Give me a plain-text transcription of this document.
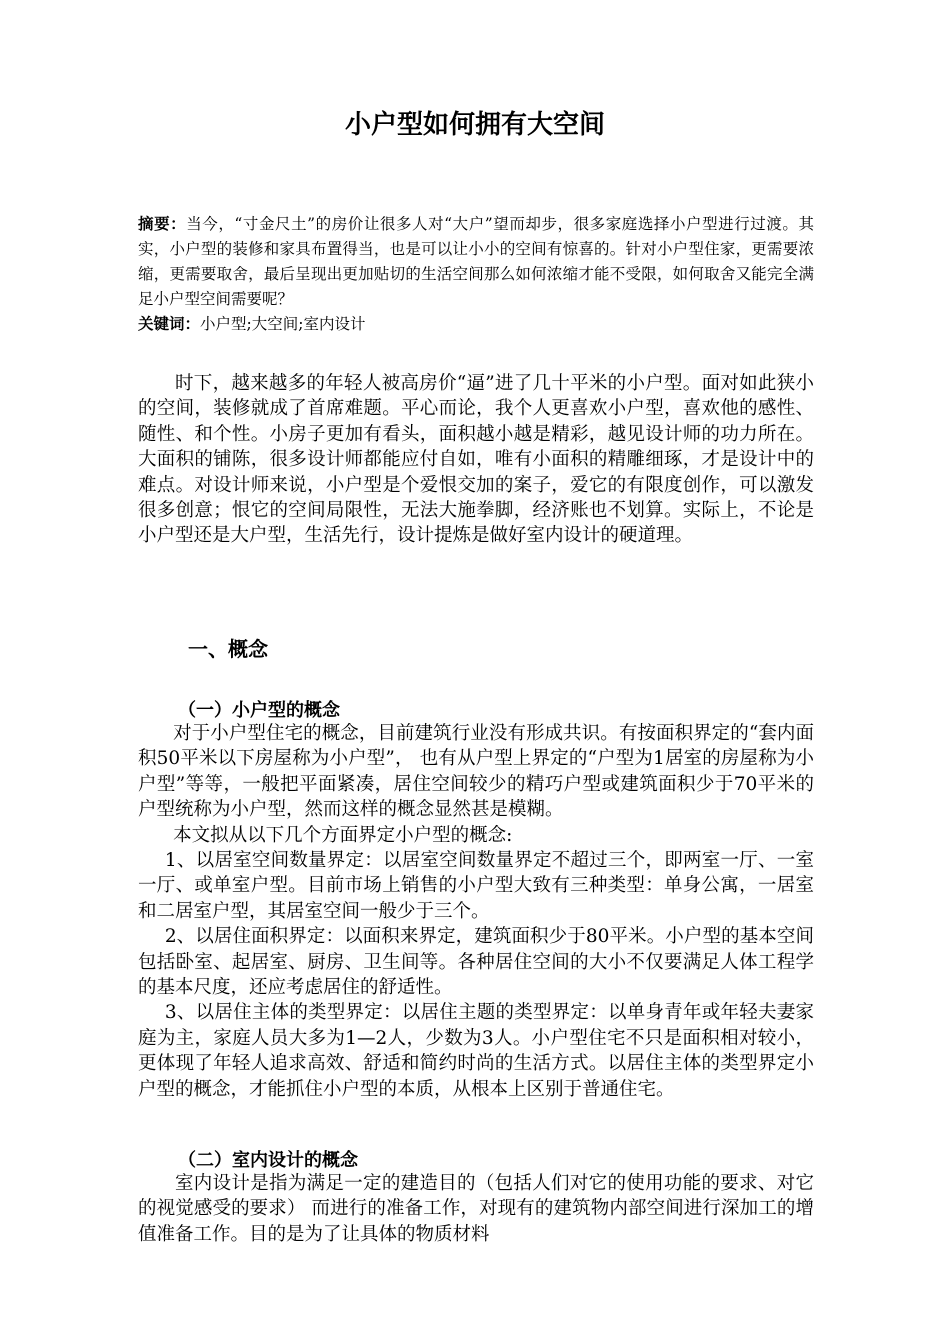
小户型如何拥有大空间
摘要：当今，“寸金尺土”的房价让很多人对“大户”望而却步，很多家庭选择小户型进行过渡。其实，小户型的装修和家具布置得当，也是可以让小小的空间有惊喜的。针对小户型住家，更需要浓缩，更需要取舍，最后呈现出更加贴切的生活空间那么如何浓缩才能不受限，如何取舍又能完全满足小户型空间需要呢？
关键词：小户型;大空间;室内设计

时下，越来越多的年轻人被高房价“逼”进了几十平米的小户型。面对如此狭小的空间，装修就成了首席难题。平心而论，我个人更喜欢小户型，喜欢他的感性、随性、和个性。小房子更加有看头，面积越小越是精彩，越见设计师的功力所在。大面积的铺陈，很多设计师都能应付自如，唯有小面积的精雕细琢，才是设计中的难点。对设计师来说，小户型是个爱恨交加的案子，爱它的有限度创作，可以激发很多创意；恨它的空间局限性，无法大施拳脚，经济账也不划算。实际上，不论是小户型还是大户型，生活先行，设计提炼是做好室内设计的硬道理。

一、概念
（一）小户型的概念

对于小户型住宅的概念，目前建筑行业没有形成共识。有按面积界定的“套内面积50平米以下房屋称为小户型”， 也有从户型上界定的“户型为1居室的房屋称为小户型”等等，一般把平面紧凑，居住空间较少的精巧户型或建筑面积少于70平米的户型统称为小户型，然而这样的概念显然甚是模糊。

本文拟从以下几个方面界定小户型的概念:

1、以居室空间数量界定：以居室空间数量界定不超过三个，即两室一厅、一室一厅、或单室户型。目前市场上销售的小户型大致有三种类型：单身公寓，一居室和二居室户型，其居室空间一般少于三个。

2、以居住面积界定：以面积来界定，建筑面积少于80平米。小户型的基本空间包括卧室、起居室、厨房、卫生间等。各种居住空间的大小不仅要满足人体工程学的基本尺度，还应考虑居住的舒适性。

3、以居住主体的类型界定：以居住主题的类型界定：以单身青年或年轻夫妻家庭为主，家庭人员大多为1—2人，少数为3人。小户型住宅不只是面积相对较小，更体现了年轻人追求高效、舒适和简约时尚的生活方式。以居住主体的类型界定小户型的概念，才能抓住小户型的本质，从根本上区别于普通住宅。

（二）室内设计的概念

室内设计是指为满足一定的建造目的（包括人们对它的使用功能的要求、对它的视觉感受的要求） 而进行的准备工作，对现有的建筑物内部空间进行深加工的增值准备工作。目的是为了让具体的物质材料
